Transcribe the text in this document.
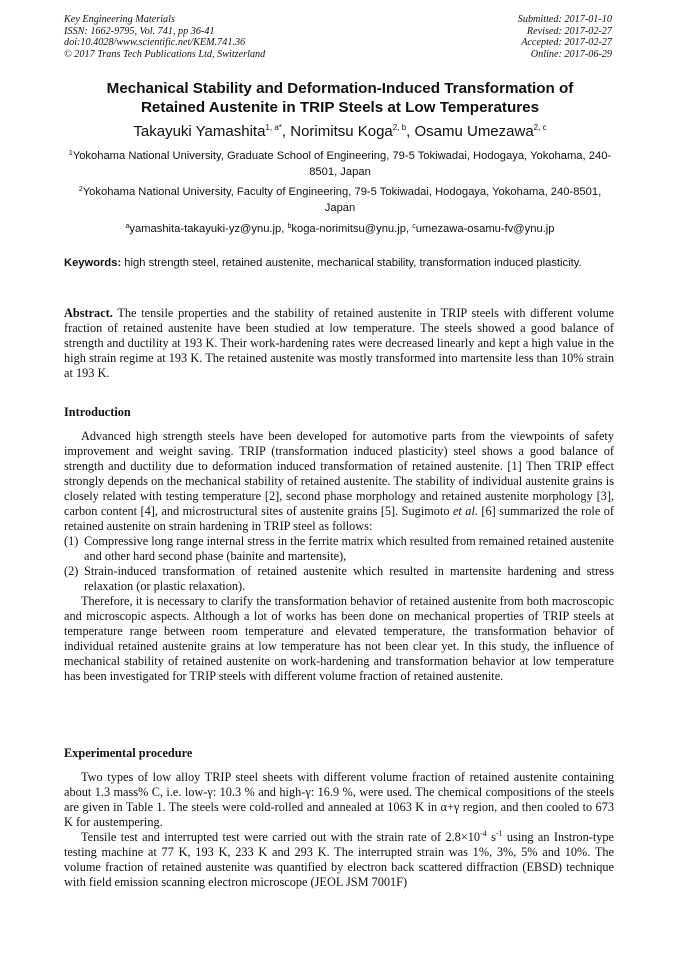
Key Engineering Materials
ISSN: 1662-9795, Vol. 741, pp 36-41
doi:10.4028/www.scientific.net/KEM.741.36
© 2017 Trans Tech Publications Ltd, Switzerland
Submitted: 2017-01-10
Revised: 2017-02-27
Accepted: 2017-02-27
Online: 2017-06-29
Mechanical Stability and Deformation-Induced Transformation of
Retained Austenite in TRIP Steels at Low Temperatures
Takayuki Yamashita$^{1, a*}$, Norimitsu Koga$^{2, b}$, Osamu Umezawa$^{2, c}$
$^1$Yokohama National University, Graduate School of Engineering, 79-5 Tokiwadai, Hodogaya, Yokohama, 240-8501, Japan
$^2$Yokohama National University, Faculty of Engineering, 79-5 Tokiwadai, Hodogaya, Yokohama, 240-8501, Japan
$^a$yamashita-takayuki-yz@ynu.jp, $^b$koga-norimitsu@ynu.jp, $^c$umezawa-osamu-fv@ynu.jp
Keywords: high strength steel, retained austenite, mechanical stability, transformation induced plasticity.

Abstract. The tensile properties and the stability of retained austenite in TRIP steels with different volume fraction of retained austenite have been studied at low temperature. The steels showed a good balance of strength and ductility at 193 K. Their work-hardening rates were decreased linearly and kept a high value in the high strain regime at 193 K. The retained austenite was mostly transformed into martensite less than 10% strain at 193 K.

Introduction

Advanced high strength steels have been developed for automotive parts from the viewpoints of safety improvement and weight saving. TRIP (transformation induced plasticity) steel shows a good balance of strength and ductility due to deformation induced transformation of retained austenite. [1] Then TRIP effect strongly depends on the mechanical stability of retained austenite. The stability of individual austenite grains is closely related with testing temperature [2], second phase morphology and retained austenite morphology [3], carbon content [4], and microstructural sites of austenite grains [5]. Sugimoto et al. [6] summarized the role of retained austenite on strain hardening in TRIP steel as follows:

(1) Compressive long range internal stress in the ferrite matrix which resulted from remained retained austenite and other hard second phase (bainite and martensite),
(2) Strain-induced transformation of retained austenite which resulted in martensite hardening and stress relaxation (or plastic relaxation).

Therefore, it is necessary to clarify the transformation behavior of retained austenite from both macroscopic and microscopic aspects. Although a lot of works has been done on mechanical properties of TRIP steels at temperature range between room temperature and elevated temperature, the transformation behavior of individual retained austenite grains at low temperature has not been clear yet. In this study, the influence of mechanical stability of retained austenite on work-hardening and transformation behavior at low temperature has been investigated for TRIP steels with different volume fraction of retained austenite.

Experimental procedure

Two types of low alloy TRIP steel sheets with different volume fraction of retained austenite containing about 1.3 mass% C, i.e. low-γ: 10.3 % and high-γ: 16.9 %, were used. The chemical compositions of the steels are given in Table 1. The steels were cold-rolled and annealed at 1063 K in α+γ region, and then cooled to 673 K for austempering.

Tensile test and interrupted test were carried out with the strain rate of $2.8\times 10^{-4}$ $s^{-1}$ using an Instron-type testing machine at 77 K, 193 K, 233 K and 293 K. The interrupted strain was 1%, 3%, 5% and 10%. The volume fraction of retained austenite was quantified by electron back scattered diffraction (EBSD) technique with field emission scanning electron microscope (JEOL JSM 7001F)
